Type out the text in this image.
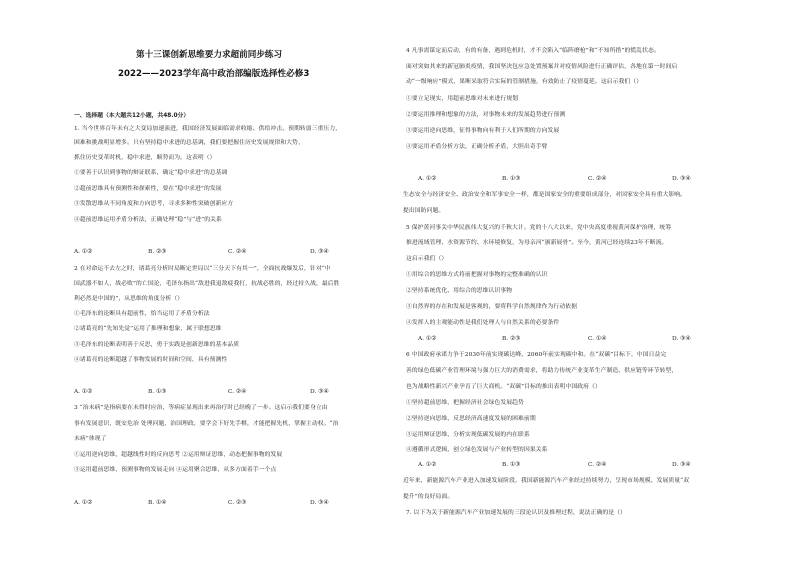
第十三课创新思维要力求超前同步练习
2022——2023学年高中政治部编版选择性必修3
一、选择题（本大题共12小题，共48.0分）
1. 当今世界百年未有之大变局加速演进，我国经济发展面临需求收缩、供给冲击、预期转弱三重压力，
困难和挑战明显增多。只有坚持稳中求进的总基调，我们要把握住历史发展规律和大势，
抓住历史变革时机，稳中求进，顺势而为。这表明（）
①要善于认识到事物的辩证联系，确定“稳中求进”的总基调
②超前思维具有预测性和探索性，要在“稳中求进”的发展
③发散思维从不同角度和方向思考，寻求多种性突破创新应方
④超前思维运用矛盾分析法，正确处理“稳”与“进”的关系
A. ①②	B. ②③	C. ②④	D. ③④
2 在对命运不去左之时，诸葛亮分析时局断定世局以“三分天下有其一”，全面抗战爆发后，针对“中
国武器不如人，战必败”的亡国论，毛泽东指出“敌进我退敌疲我打，抗战必胜的，经过持久战，最后胜
利必然是中国的”，从思维的角度分析（）
①毛泽东的论断具有超前性，恰当运用了矛盾分析法
②诸葛亮的“先知先觉”运用了推理和想象，属于联想思维
③毛泽东的论断表明善于反思，勇于实践是创新思维的基本品质
④诸葛亮的论断超越了事物发展的时间和空间，具有预测性
A. ①②	B. ①③	C. ②④	D. ③④
3 “治未病”是指病要在未得时应治，等病症显现出来再治疗时已经晚了一步。这启示我们要身立由
事有发展意识，既安危治 处理问题，治国理政，要学会下好先手棋，才能把握先机，掌握主动权。“治
未病”体现了
①运用逆向思维，超越线性时的反向思考 ②运用辩证思维，动态把握事物的发展
③运用超前思维，预测事物的发展走向 ④运用聚合思维，从多方面着手一个点
A. ①②	B. ①④	C. ②③	D. ③④
4 凡事需谋定而后动，有的有备，遇到危机时，才不会陷入“临阵磨枪”和“不知所措”的慌乱状态。
面对突如其来的新冠肺炎疫情，我国坚决包应急处置预案并对疫情风险进行正确评估，各地在第一时间启
动“一级响应”模式，果断采取符合实际的管制措施，有效防止了疫情蔓延。这启示我们（）
①要立足现实，用超前思维对未来进行规划
②要运用推理和想象的方法，对事物未来的发展趋势进行预测
③要运用逆向思维，征得事物向有利于人们所期的方向发展
④要运用矛盾分析方法，正确分析矛盾，大胆出奇手臂
A. ①②	B. ①③	C. ②④	D. ③④
生态安全与经济安全、政治安全和军事安全一样，都是国家安全的重要组成部分，对国家安全具有重大影响。
提出国防问题。
5 保护黄河事关中华民族伟大复兴的千秋大计。党的十八大以来，党中央高度重视黄河保护治理，统筹
推进流域管理、水资源节约、水环境修复，为母亲河“颁新展骨”。至今，黄河已经连续23年不断流。
这启示我们（）
①用综合的思维方式将前把握对事物的完整准确的认识
②坚持系统优化，用综合的思维认识事物
③自然界的存在和发展是客观的，要将科学自然规律作为行动依据
④发挥人的主观能动性是我们处理人与自然关系的必要条件
A. ①②	B. ②③	C. ①④	D. ③④
6 中国政府承诺力争于2030年前实现碳达峰，2060年前实现碳中和。在“双碳”目标下，中国日益完
善的绿色低碳产业管理环境与强力巨大的消费需求，将助力传统产业变革生产制造、供应链等环节转型，
也为战略性新兴产业孕育了巨大商机。“双碳”目标的推出表明中国政府（）
①坚持超前思维，把握经济社会绿色发展趋势
②坚持逆向思维，反思经济高速度发展的困难前期
③运用辩证思维，分析实现低碳发展的内在联系
④遵循形式逻辑，创立绿色发展与产业转型的因果关系
A. ①②	B. ①③	C. ②④	D. ③④
近年来，新能源汽车产业进入加速发展阶段，我国新能源汽车产业经过持续努力，呈现市场规模、发展质量“双
提升”的良好局面。
7. 以下为关于新能源汽车产业加速发展的三段论认识及推理过程，说法正确的是（）
